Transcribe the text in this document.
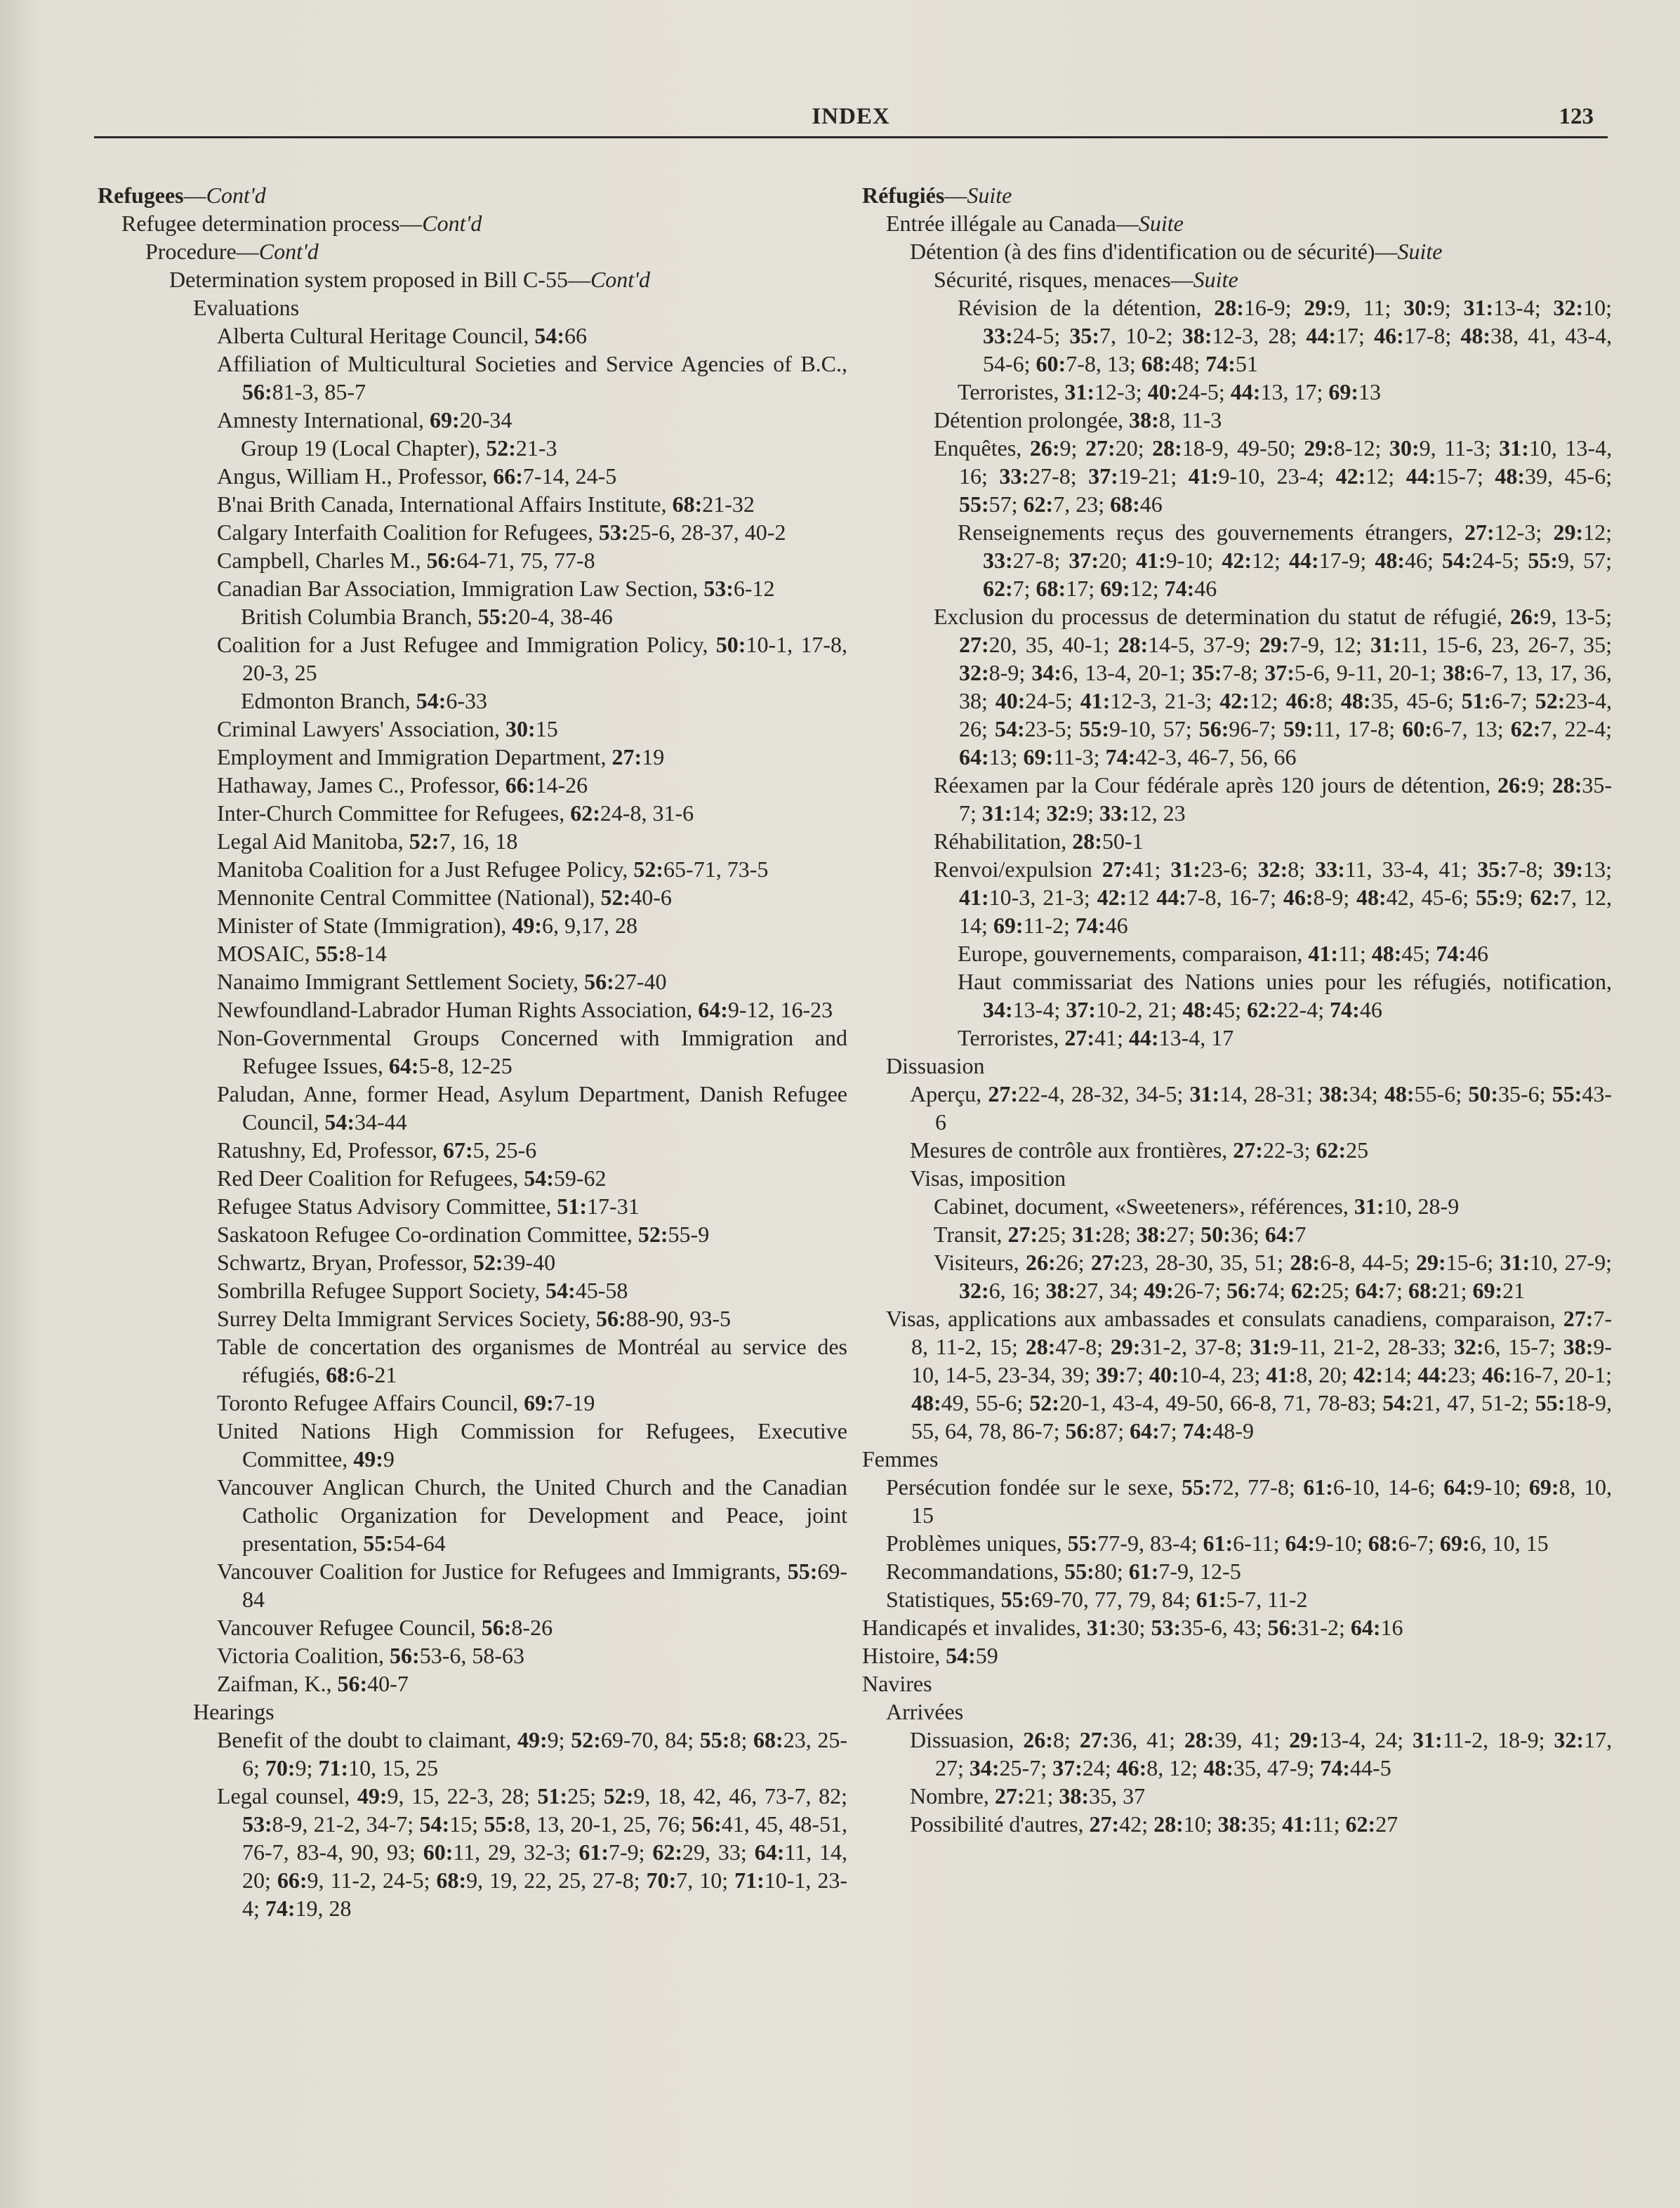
INDEX	123

Refugees—Cont'd

Refugee determination process—Cont'd

Procedure—Cont'd

Determination system proposed in Bill C-55—Cont'd

Evaluations

Alberta Cultural Heritage Council, 54:66

Affiliation of Multicultural Societies and Service Agencies of B.C., 56:81-3, 85-7

Amnesty International, 69:20-34

Group 19 (Local Chapter), 52:21-3

Angus, William H., Professor, 66:7-14, 24-5

B'nai Brith Canada, International Affairs Institute, 68:21-32

Calgary Interfaith Coalition for Refugees, 53:25-6, 28-37, 40-2

Campbell, Charles M., 56:64-71, 75, 77-8

Canadian Bar Association, Immigration Law Section, 53:6-12

British Columbia Branch, 55:20-4, 38-46

Coalition for a Just Refugee and Immigration Policy, 50:10-1, 17-8, 20-3, 25

Edmonton Branch, 54:6-33

Criminal Lawyers' Association, 30:15

Employment and Immigration Department, 27:19

Hathaway, James C., Professor, 66:14-26

Inter-Church Committee for Refugees, 62:24-8, 31-6

Legal Aid Manitoba, 52:7, 16, 18

Manitoba Coalition for a Just Refugee Policy, 52:65-71, 73-5

Mennonite Central Committee (National), 52:40-6

Minister of State (Immigration), 49:6, 9,17, 28

MOSAIC, 55:8-14

Nanaimo Immigrant Settlement Society, 56:27-40

Newfoundland-Labrador Human Rights Association, 64:9-12, 16-23

Non-Governmental Groups Concerned with Immigration and Refugee Issues, 64:5-8, 12-25

Paludan, Anne, former Head, Asylum Department, Danish Refugee Council, 54:34-44

Ratushny, Ed, Professor, 67:5, 25-6

Red Deer Coalition for Refugees, 54:59-62

Refugee Status Advisory Committee, 51:17-31

Saskatoon Refugee Co-ordination Committee, 52:55-9

Schwartz, Bryan, Professor, 52:39-40

Sombrilla Refugee Support Society, 54:45-58

Surrey Delta Immigrant Services Society, 56:88-90, 93-5

Table de concertation des organismes de Montréal au service des réfugiés, 68:6-21

Toronto Refugee Affairs Council, 69:7-19

United Nations High Commission for Refugees, Executive Committee, 49:9

Vancouver Anglican Church, the United Church and the Canadian Catholic Organization for Development and Peace, joint presentation, 55:54-64

Vancouver Coalition for Justice for Refugees and Immigrants, 55:69-84

Vancouver Refugee Council, 56:8-26

Victoria Coalition, 56:53-6, 58-63

Zaifman, K., 56:40-7

Hearings

Benefit of the doubt to claimant, 49:9; 52:69-70, 84; 55:8; 68:23, 25-6; 70:9; 71:10, 15, 25

Legal counsel, 49:9, 15, 22-3, 28; 51:25; 52:9, 18, 42, 46, 73-7, 82; 53:8-9, 21-2, 34-7; 54:15; 55:8, 13, 20-1, 25, 76; 56:41, 45, 48-51, 76-7, 83-4, 90, 93; 60:11, 29, 32-3; 61:7-9; 62:29, 33; 64:11, 14, 20; 66:9, 11-2, 24-5; 68:9, 19, 22, 25, 27-8; 70:7, 10; 71:10-1, 23-4; 74:19, 28

Réfugiés—Suite

Entrée illégale au Canada—Suite

Détention (à des fins d'identification ou de sécurité)—Suite

Sécurité, risques, menaces—Suite

Révision de la détention, 28:16-9; 29:9, 11; 30:9; 31:13-4; 32:10; 33:24-5; 35:7, 10-2; 38:12-3, 28; 44:17; 46:17-8; 48:38, 41, 43-4, 54-6; 60:7-8, 13; 68:48; 74:51

Terroristes, 31:12-3; 40:24-5; 44:13, 17; 69:13

Détention prolongée, 38:8, 11-3

Enquêtes, 26:9; 27:20; 28:18-9, 49-50; 29:8-12; 30:9, 11-3; 31:10, 13-4, 16; 33:27-8; 37:19-21; 41:9-10, 23-4; 42:12; 44:15-7; 48:39, 45-6; 55:57; 62:7, 23; 68:46

Renseignements reçus des gouvernements étrangers, 27:12-3; 29:12; 33:27-8; 37:20; 41:9-10; 42:12; 44:17-9; 48:46; 54:24-5; 55:9, 57; 62:7; 68:17; 69:12; 74:46

Exclusion du processus de determination du statut de réfugié, 26:9, 13-5; 27:20, 35, 40-1; 28:14-5, 37-9; 29:7-9, 12; 31:11, 15-6, 23, 26-7, 35; 32:8-9; 34:6, 13-4, 20-1; 35:7-8; 37:5-6, 9-11, 20-1; 38:6-7, 13, 17, 36, 38; 40:24-5; 41:12-3, 21-3; 42:12; 46:8; 48:35, 45-6; 51:6-7; 52:23-4, 26; 54:23-5; 55:9-10, 57; 56:96-7; 59:11, 17-8; 60:6-7, 13; 62:7, 22-4; 64:13; 69:11-3; 74:42-3, 46-7, 56, 66

Réexamen par la Cour fédérale après 120 jours de détention, 26:9; 28:35-7; 31:14; 32:9; 33:12, 23

Réhabilitation, 28:50-1

Renvoi/expulsion 27:41; 31:23-6; 32:8; 33:11, 33-4, 41; 35:7-8; 39:13; 41:10-3, 21-3; 42:12 44:7-8, 16-7; 46:8-9; 48:42, 45-6; 55:9; 62:7, 12, 14; 69:11-2; 74:46

Europe, gouvernements, comparaison, 41:11; 48:45; 74:46

Haut commissariat des Nations unies pour les réfugiés, notification, 34:13-4; 37:10-2, 21; 48:45; 62:22-4; 74:46

Terroristes, 27:41; 44:13-4, 17

Dissuasion

Aperçu, 27:22-4, 28-32, 34-5; 31:14, 28-31; 38:34; 48:55-6; 50:35-6; 55:43-6

Mesures de contrôle aux frontières, 27:22-3; 62:25

Visas, imposition

Cabinet, document, «Sweeteners», références, 31:10, 28-9

Transit, 27:25; 31:28; 38:27; 50:36; 64:7

Visiteurs, 26:26; 27:23, 28-30, 35, 51; 28:6-8, 44-5; 29:15-6; 31:10, 27-9; 32:6, 16; 38:27, 34; 49:26-7; 56:74; 62:25; 64:7; 68:21; 69:21

Visas, applications aux ambassades et consulats canadiens, comparaison, 27:7-8, 11-2, 15; 28:47-8; 29:31-2, 37-8; 31:9-11, 21-2, 28-33; 32:6, 15-7; 38:9-10, 14-5, 23-34, 39; 39:7; 40:10-4, 23; 41:8, 20; 42:14; 44:23; 46:16-7, 20-1; 48:49, 55-6; 52:20-1, 43-4, 49-50, 66-8, 71, 78-83; 54:21, 47, 51-2; 55:18-9, 55, 64, 78, 86-7; 56:87; 64:7; 74:48-9

Femmes

Persécution fondée sur le sexe, 55:72, 77-8; 61:6-10, 14-6; 64:9-10; 69:8, 10, 15

Problèmes uniques, 55:77-9, 83-4; 61:6-11; 64:9-10; 68:6-7; 69:6, 10, 15

Recommandations, 55:80; 61:7-9, 12-5

Statistiques, 55:69-70, 77, 79, 84; 61:5-7, 11-2

Handicapés et invalides, 31:30; 53:35-6, 43; 56:31-2; 64:16

Histoire, 54:59

Navires

Arrivées

Dissuasion, 26:8; 27:36, 41; 28:39, 41; 29:13-4, 24; 31:11-2, 18-9; 32:17, 27; 34:25-7; 37:24; 46:8, 12; 48:35, 47-9; 74:44-5

Nombre, 27:21; 38:35, 37

Possibilité d'autres, 27:42; 28:10; 38:35; 41:11; 62:27
